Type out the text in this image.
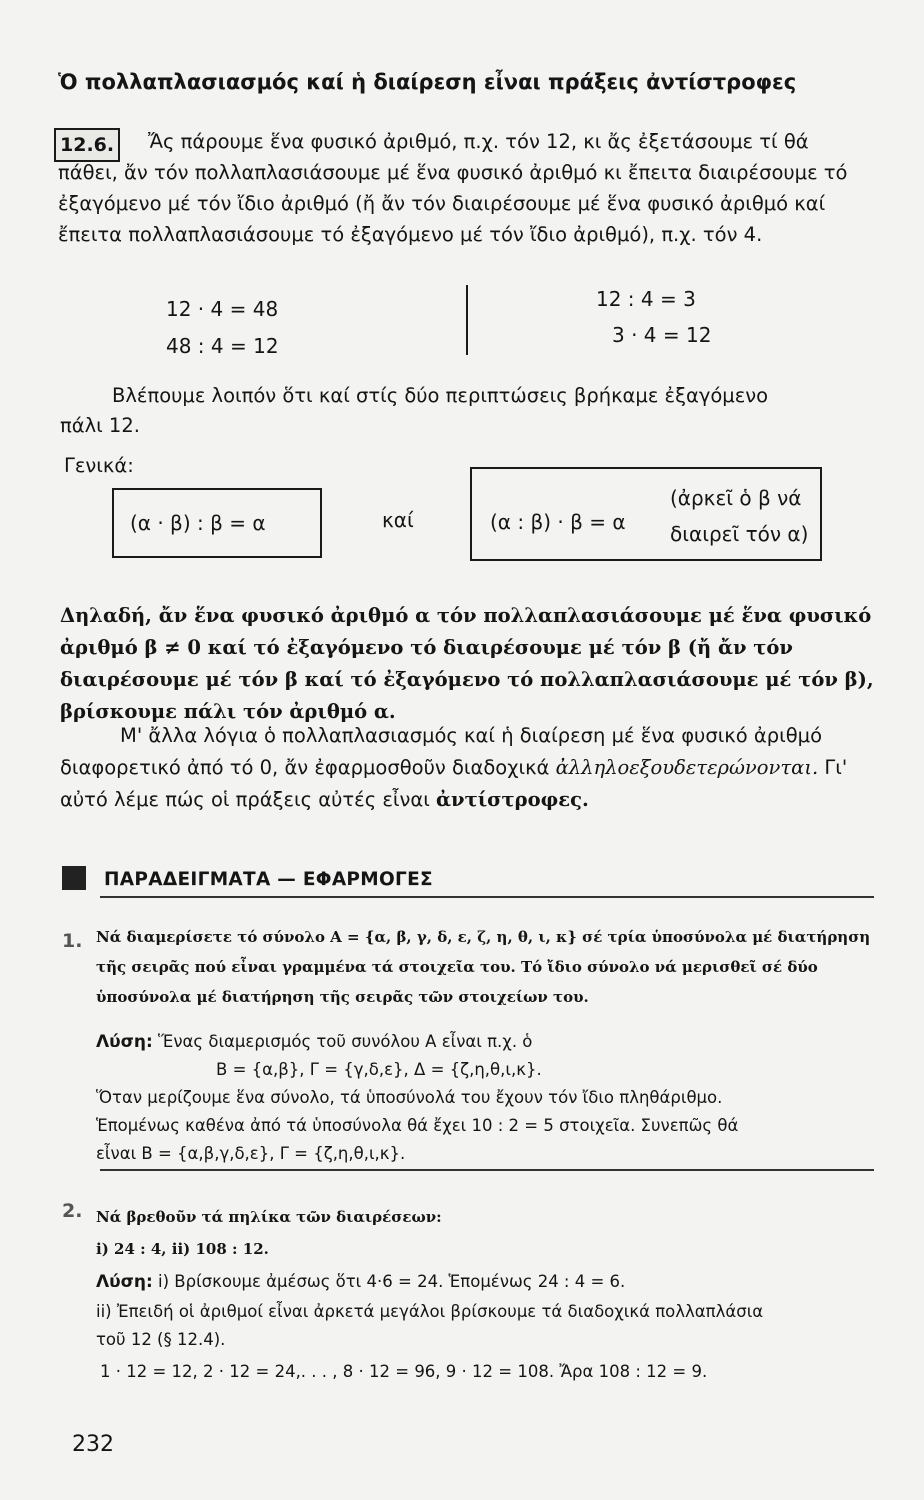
Ὁ πολλαπλασιασμός καί ἡ διαίρεση εἶναι πράξεις ἀντίστροφες
12.6.	Ἄς πάρουμε ἕνα φυσικό ἀριθμό, π.χ. τόν 12, κι ἄς ἐξετάσουμε τί θά πάθει, ἄν τόν πολλαπλασιάσουμε μέ ἕνα φυσικό ἀριθμό κι ἔπειτα διαιρέσουμε τό ἐξαγόμενο μέ τόν ἴδιο ἀριθμό (ἤ ἄν τόν διαιρέσουμε μέ ἕνα φυσικό ἀριθμό καί ἔπειτα πολλαπλασιάσουμε τό ἐξαγόμενο μέ τόν ἴδιο ἀριθμό), π.χ. τόν 4.
12 · 4 = 48
48 : 4 = 12
12 : 4 = 3
3 · 4 = 12
Βλέπουμε λοιπόν ὅτι καί στίς δύο περιπτώσεις βρήκαμε ἐξαγόμενο
πάλι 12.
Γενικά:
(α · β) : β = α	καί	(α : β) · β = α
(ἀρκεῖ ὁ β νά
διαιρεῖ τόν α)
Δηλαδή, ἄν ἕνα φυσικό ἀριθμό α τόν πολλαπλασιάσουμε μέ ἕνα φυσικό ἀριθμό β ≠ 0 καί τό ἐξαγόμενο τό διαιρέσουμε μέ τόν β (ἤ ἄν τόν διαιρέσουμε μέ τόν β καί τό ἐξαγόμενο τό πολλαπλασιάσουμε μέ τόν β), βρίσκουμε πάλι τόν ἀριθμό α.
Μ' ἄλλα λόγια ὁ πολλαπλασιασμός καί ἡ διαίρεση μέ ἕνα φυσικό ἀριθμό διαφορετικό ἀπό τό 0, ἄν ἐφαρμοσθοῦν διαδοχικά ἀλληλοεξουδετερώνονται. Γι' αὐτό λέμε πώς οἱ πράξεις αὐτές εἶναι ἀντίστροφες.
ΠΑΡΑΔΕΙΓΜΑΤΑ — ΕΦΑΡΜΟΓΕΣ
1. Νά διαμερίσετε τό σύνολο Α = {α, β, γ, δ, ε, ζ, η, θ, ι, κ} σέ τρία ὑποσύνολα μέ διατήρηση τῆς σειρᾶς πού εἶναι γραμμένα τά στοιχεῖα του. Τό ἴδιο σύνολο νά μερισθεῖ σέ δύο ὑποσύνολα μέ διατήρηση τῆς σειρᾶς τῶν στοιχείων του.
Λύση: Ἕνας διαμερισμός τοῦ συνόλου Α εἶναι π.χ. ὁ
Β = {α,β}, Γ = {γ,δ,ε}, Δ = {ζ,η,θ,ι,κ}.
Ὅταν μερίζουμε ἕνα σύνολο, τά ὑποσύνολά του ἔχουν τόν ἴδιο πληθάριθμο.
Ἑπομένως καθένα ἀπό τά ὑποσύνολα θά ἔχει 10 : 2 = 5 στοιχεῖα. Συνεπῶς θά
εἶναι Β = {α,β,γ,δ,ε}, Γ = {ζ,η,θ,ι,κ}.
2. Νά βρεθοῦν τά πηλίκα τῶν διαιρέσεων:
i) 24 : 4, ii) 108 : 12.
Λύση: i) Βρίσκουμε ἀμέσως ὅτι 4·6 = 24. Ἑπομένως 24 : 4 = 6.
ii) Ἐπειδή οἱ ἀριθμοί εἶναι ἀρκετά μεγάλοι βρίσκουμε τά διαδοχικά πολλαπλάσια
τοῦ 12 (§ 12.4).
1 · 12 = 12, 2 · 12 = 24,. . . , 8 · 12 = 96, 9 · 12 = 108. Ἄρα 108 : 12 = 9.
232
